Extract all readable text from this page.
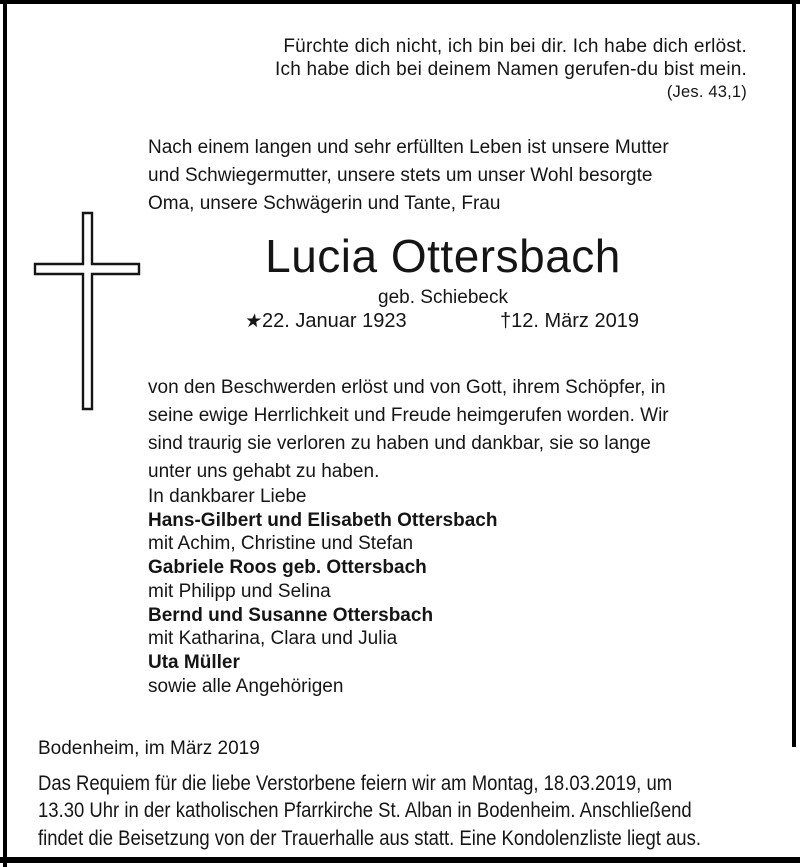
Fürchte dich nicht, ich bin bei dir. Ich habe dich erlöst.
Ich habe dich bei deinem Namen gerufen-du bist mein.
(Jes. 43,1)
Nach einem langen und sehr erfüllten Leben ist unsere Mutter
und Schwiegermutter, unsere stets um unser Wohl besorgte
Oma, unsere Schwägerin und Tante, Frau
Lucia Ottersbach
geb. Schiebeck
★22. Januar 1923	†12. März 2019
von den Beschwerden erlöst und von Gott, ihrem Schöpfer, in
seine ewige Herrlichkeit und Freude heimgerufen worden. Wir
sind traurig sie verloren zu haben und dankbar, sie so lange
unter uns gehabt zu haben.
In dankbarer Liebe
Hans-Gilbert und Elisabeth Ottersbach
mit Achim, Christine und Stefan
Gabriele Roos geb. Ottersbach
mit Philipp und Selina
Bernd und Susanne Ottersbach
mit Katharina, Clara und Julia
Uta Müller
sowie alle Angehörigen
Bodenheim, im März 2019
Das Requiem für die liebe Verstorbene feiern wir am Montag, 18.03.2019, um
13.30 Uhr in der katholischen Pfarrkirche St. Alban in Bodenheim. Anschließend
findet die Beisetzung von der Trauerhalle aus statt. Eine Kondolenzliste liegt aus.
